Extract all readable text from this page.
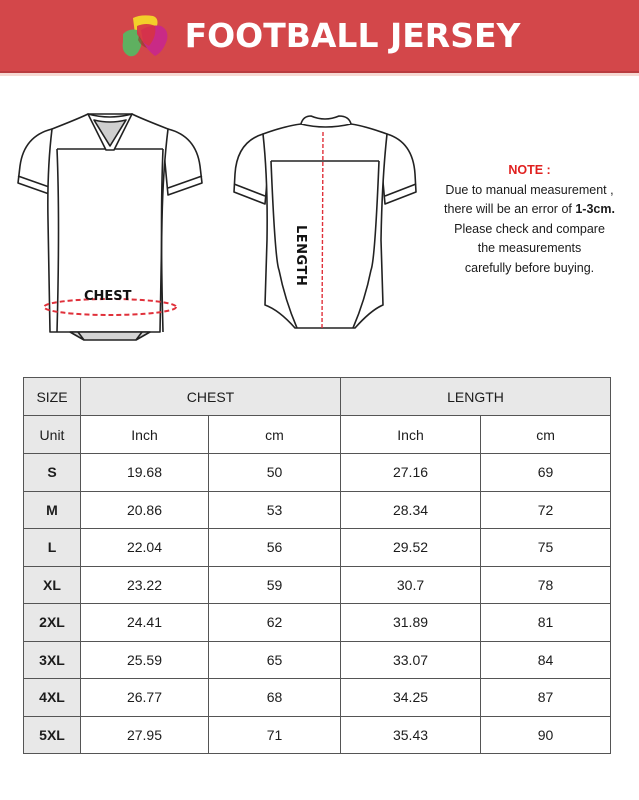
FOOTBALL JERSEY
CHEST
LENGTH
NOTE :
Due to manual measurement ,
there will be an error of 1-3cm.
Please check and compare
the measurements
carefully before buying.
SIZE	CHEST		LENGTH	
Unit	Inch	cm	Inch	cm
S	19.68	50	27.16	69
M	20.86	53	28.34	72
L	22.04	56	29.52	75
XL	23.22	59	30.7	78
2XL	24.41	62	31.89	81
3XL	25.59	65	33.07	84
4XL	26.77	68	34.25	87
5XL	27.95	71	35.43	90
